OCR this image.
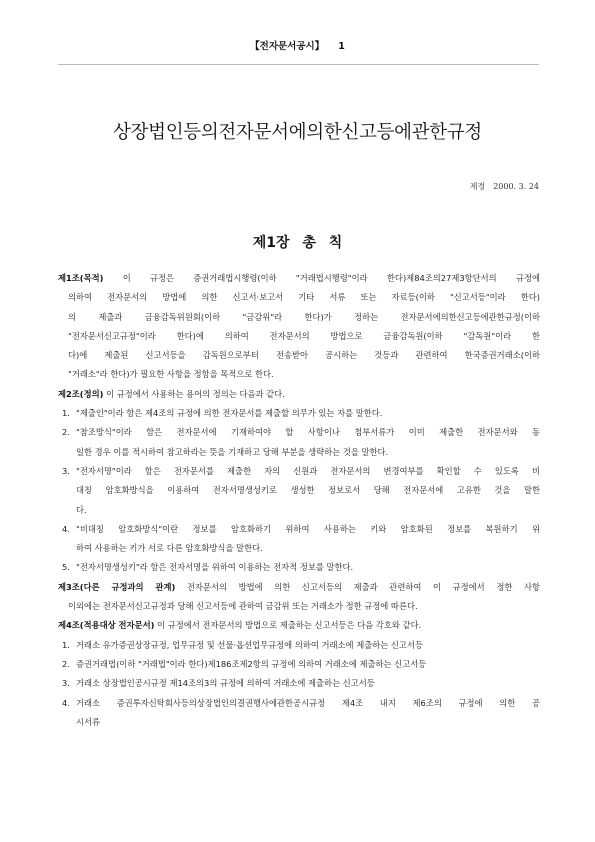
【전자문서공시】 1
상장법인등의전자문서에의한신고등에관한규정
제정 2000. 3. 24
제1장 총 칙
제1조(목적) 이 규정은 증권거래법시행령(이하 "거래법시행령"이라 한다)제84조의27제3항단서의 규정에
의하여 전자문서의 방법에 의한 신고서·보고서 기타 서류 또는 자료등(이하 "신고서등"이라 한다)
의 제출과 금융감독위원회(이하 "금감위"라 한다)가 정하는 전자문서에의한신고등에관한규정(이하
"전자문서신고규정"이라 한다)에 의하여 전자문서의 방법으로 금융감독원(이하 "감독원"이라 한
다)에 제출된 신고서등을 감독원으로부터 전송받아 공시하는 것등과 관련하여 한국증권거래소(이하
"거래소"라 한다)가 필요한 사항을 정함을 목적으로 한다.
제2조(정의) 이 규정에서 사용하는 용어의 정의는 다음과 같다.
1. "제출인"이라 함은 제4조의 규정에 의한 전자문서를 제출할 의무가 있는 자를 말한다.
2. "참조방식"이라 함은 전자문서에 기재하여야 할 사항이나 첨부서류가 이미 제출한 전자문서와 동
일한 경우 이를 적시하여 참고하라는 뜻을 기재하고 당해 부분을 생략하는 것을 말한다.
3. "전자서명"이라 함은 전자문서를 제출한 자의 신원과 전자문서의 변경여부를 확인할 수 있도록 비
대칭 암호화방식을 이용하여 전자서명생성키로 생성한 정보로서 당해 전자문서에 고유한 것을 말한
다.
4. "비대칭 암호화방식"이란 정보를 암호화하기 위하여 사용하는 키와 암호화된 정보를 복원하기 위
하여 사용하는 키가 서로 다른 암호화방식을 말한다.
5. "전자서명생성키"라 함은 전자서명을 위하여 이용하는 전자적 정보를 말한다.
제3조(다른 규정과의 관계) 전자문서의 방법에 의한 신고서등의 제출과 관련하여 이 규정에서 정한 사항
이외에는 전자문서신고규정과 당해 신고서등에 관하여 금감위 또는 거래소가 정한 규정에 따른다.
제4조(적용대상 전자문서) 이 규정에서 전자문서의 방법으로 제출하는 신고서등은 다음 각호와 같다.
1. 거래소 유가증권상장규정, 업무규정 및 선물·옵션업무규정에 의하여 거래소에 제출하는 신고서등
2. 증권거래법(이하 "거래법"이라 한다)제186조제2항의 규정에 의하여 거래소에 제출하는 신고서등
3. 거래소 상장법인공시규정 제14조의3의 규정에 의하여 거래소에 제출하는 신고서등
4. 거래소 증권투자신탁회사등의상장법인의결권행사에관한공시규정 제4조 내지 제6조의 규정에 의한 공
시서류
